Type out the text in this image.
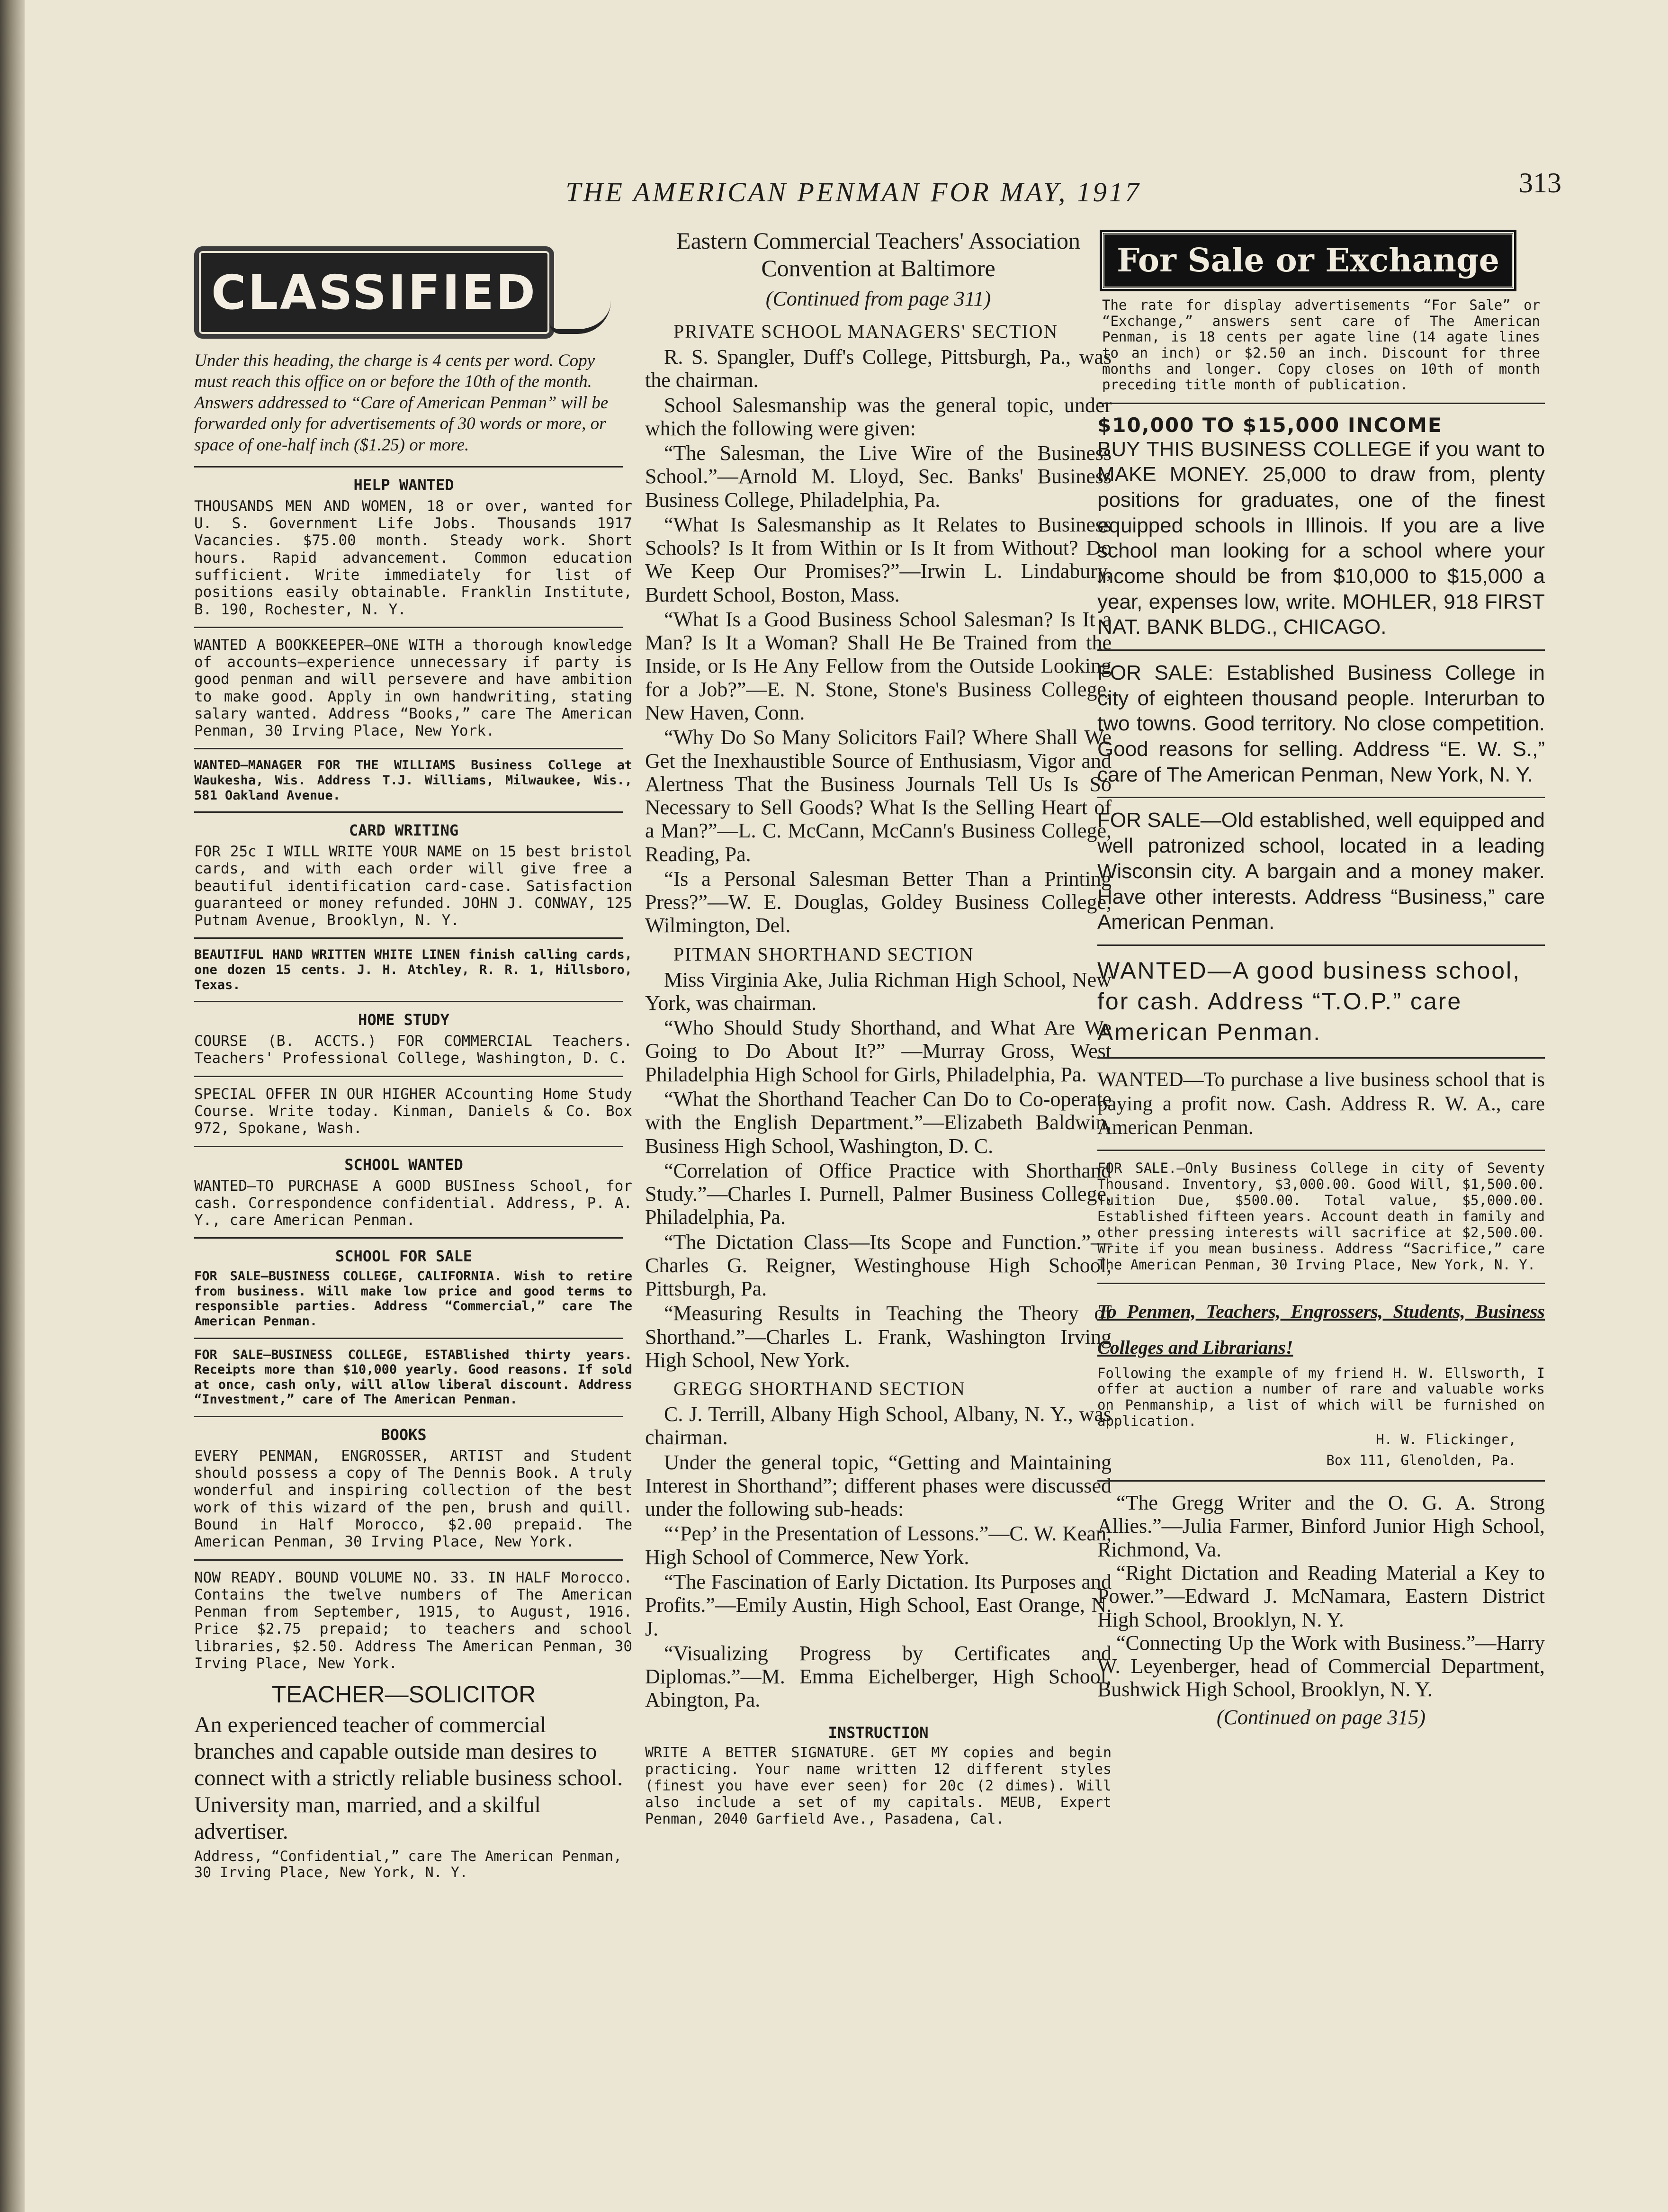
THE AMERICAN PENMAN FOR MAY, 1917	313
CLASSIFIED
Under this heading, the charge is 4 cents per word. Copy must reach this office on or before the 10th of the month. Answers addressed to “Care of American Penman” will be forwarded only for advertisements of 30 words or more, or space of one-half inch ($1.25) or more.
HELP WANTED
THOUSANDS MEN AND WOMEN, 18 or over, wanted for U. S. Government Life Jobs. Thousands 1917 Vacancies. $75.00 month. Steady work. Short hours. Rapid advancement. Common education sufficient. Write immediately for list of positions easily obtainable. Franklin Institute, B. 190, Rochester, N. Y.
WANTED A BOOKKEEPER—ONE WITH a thorough knowledge of accounts—experience unnecessary if party is good penman and will persevere and have ambition to make good. Apply in own handwriting, stating salary wanted. Address “Books,” care The American Penman, 30 Irving Place, New York.
WANTED—MANAGER FOR THE WILLIAMS Business College at Waukesha, Wis. Address T.J. Williams, Milwaukee, Wis., 581 Oakland Avenue.
CARD WRITING
FOR 25c I WILL WRITE YOUR NAME on 15 best bristol cards, and with each order will give free a beautiful identification card-case. Satisfaction guaranteed or money refunded. JOHN J. CONWAY, 125 Putnam Avenue, Brooklyn, N. Y.
BEAUTIFUL HAND WRITTEN WHITE LINEN finish calling cards, one dozen 15 cents. J. H. Atchley, R. R. 1, Hillsboro, Texas.
HOME STUDY
COURSE (B. ACCTS.) FOR COMMERCIAL Teachers. Teachers' Professional College, Washington, D. C.
SPECIAL OFFER IN OUR HIGHER ACcounting Home Study Course. Write today. Kinman, Daniels & Co. Box 972, Spokane, Wash.
SCHOOL WANTED
WANTED—TO PURCHASE A GOOD BUSIness School, for cash. Correspondence confidential. Address, P. A. Y., care American Penman.
SCHOOL FOR SALE
FOR SALE—BUSINESS COLLEGE, CALIFORNIA. Wish to retire from business. Will make low price and good terms to responsible parties. Address “Commercial,” care The American Penman.
FOR SALE—BUSINESS COLLEGE, ESTABlished thirty years. Receipts more than $10,000 yearly. Good reasons. If sold at once, cash only, will allow liberal discount. Address “Investment,” care of The American Penman.
BOOKS
EVERY PENMAN, ENGROSSER, ARTIST and Student should possess a copy of The Dennis Book. A truly wonderful and inspiring collection of the best work of this wizard of the pen, brush and quill. Bound in Half Morocco, $2.00 prepaid. The American Penman, 30 Irving Place, New York.
NOW READY. BOUND VOLUME NO. 33. IN HALF Morocco. Contains the twelve numbers of The American Penman from September, 1915, to August, 1916. Price $2.75 prepaid; to teachers and school libraries, $2.50. Address The American Penman, 30 Irving Place, New York.
TEACHER—SOLICITOR
An experienced teacher of commercial branches and capable outside man desires to connect with a strictly reliable business school. University man, married, and a skilful advertiser.
Address, “Confidential,” care The American Penman, 30 Irving Place, New York, N. Y.
Eastern Commercial Teachers' Association Convention at Baltimore
(Continued from page 311)
PRIVATE SCHOOL MANAGERS' SECTION
R. S. Spangler, Duff's College, Pittsburgh, Pa., was the chairman.
School Salesmanship was the general topic, under which the following were given:
“The Salesman, the Live Wire of the Business School.”—Arnold M. Lloyd, Sec. Banks' Business Business College, Philadelphia, Pa.
“What Is Salesmanship as It Relates to Business Schools? Is It from Within or Is It from Without? Do We Keep Our Promises?”—Irwin L. Lindabury, Burdett School, Boston, Mass.
“What Is a Good Business School Salesman? Is It a Man? Is It a Woman? Shall He Be Trained from the Inside, or Is He Any Fellow from the Outside Looking for a Job?”—E. N. Stone, Stone's Business College, New Haven, Conn.
“Why Do So Many Solicitors Fail? Where Shall We Get the Inexhaustible Source of Enthusiasm, Vigor and Alertness That the Business Journals Tell Us Is So Necessary to Sell Goods? What Is the Selling Heart of a Man?”—L. C. McCann, McCann's Business College, Reading, Pa.
“Is a Personal Salesman Better Than a Printing Press?”—W. E. Douglas, Goldey Business College, Wilmington, Del.
PITMAN SHORTHAND SECTION
Miss Virginia Ake, Julia Richman High School, New York, was chairman.
“Who Should Study Shorthand, and What Are We Going to Do About It?” —Murray Gross, West Philadelphia High School for Girls, Philadelphia, Pa.
“What the Shorthand Teacher Can Do to Co-operate with the English Department.”—Elizabeth Baldwin, Business High School, Washington, D. C.
“Correlation of Office Practice with Shorthand Study.”—Charles I. Purnell, Palmer Business College, Philadelphia, Pa.
“The Dictation Class—Its Scope and Function.”—Charles G. Reigner, Westinghouse High School, Pittsburgh, Pa.
“Measuring Results in Teaching the Theory of Shorthand.”—Charles L. Frank, Washington Irving High School, New York.
GREGG SHORTHAND SECTION
C. J. Terrill, Albany High School, Albany, N. Y., was chairman.
Under the general topic, “Getting and Maintaining Interest in Shorthand”; different phases were discussed under the following sub-heads:
“‘Pep’ in the Presentation of Lessons.”—C. W. Kean, High School of Commerce, New York.
“The Fascination of Early Dictation. Its Purposes and Profits.”—Emily Austin, High School, East Orange, N. J.
“Visualizing Progress by Certificates and Diplomas.”—M. Emma Eichelberger, High School, Abington, Pa.
INSTRUCTION
WRITE A BETTER SIGNATURE. GET MY copies and begin practicing. Your name written 12 different styles (finest you have ever seen) for 20c (2 dimes). Will also include a set of my capitals. MEUB, Expert Penman, 2040 Garfield Ave., Pasadena, Cal.
For Sale or Exchange
The rate for display advertisements “For Sale” or “Exchange,” answers sent care of The American Penman, is 18 cents per agate line (14 agate lines to an inch) or $2.50 an inch. Discount for three months and longer. Copy closes on 10th of month preceding title month of publication.
$10,000 TO $15,000 INCOME
BUY THIS BUSINESS COLLEGE if you want to MAKE MONEY. 25,000 to draw from, plenty positions for graduates, one of the finest equipped schools in Illinois. If you are a live school man looking for a school where your income should be from $10,000 to $15,000 a year, expenses low, write. MOHLER, 918 FIRST NAT. BANK BLDG., CHICAGO.
FOR SALE: Established Business College in city of eighteen thousand people. Interurban to two towns. Good territory. No close competition. Good reasons for selling. Address “E. W. S.,” care of The American Penman, New York, N. Y.
FOR SALE—Old established, well equipped and well patronized school, located in a leading Wisconsin city. A bargain and a money maker. Have other interests. Address “Business,” care American Penman.
WANTED—A good business school, for cash. Address “T.O.P.” care American Penman.
WANTED—To purchase a live business school that is paying a profit now. Cash. Address R. W. A., care American Penman.
FOR SALE.—Only Business College in city of Seventy Thousand. Inventory, $3,000.00. Good Will, $1,500.00. Tuition Due, $500.00. Total value, $5,000.00. Established fifteen years. Account death in family and other pressing interests will sacrifice at $2,500.00. Write if you mean business. Address “Sacrifice,” care The American Penman, 30 Irving Place, New York, N. Y.
To Penmen, Teachers, Engrossers, Students, Business Colleges and Librarians!
Following the example of my friend H. W. Ellsworth, I offer at auction a number of rare and valuable works on Penmanship, a list of which will be furnished on application.
H. W. Flickinger,
Box 111, Glenolden, Pa.
“The Gregg Writer and the O. G. A. Strong Allies.”—Julia Farmer, Binford Junior High School, Richmond, Va.
“Right Dictation and Reading Material a Key to Power.”—Edward J. McNamara, Eastern District High School, Brooklyn, N. Y.
“Connecting Up the Work with Business.”—Harry W. Leyenberger, head of Commercial Department, Bushwick High School, Brooklyn, N. Y.
(Continued on page 315)
